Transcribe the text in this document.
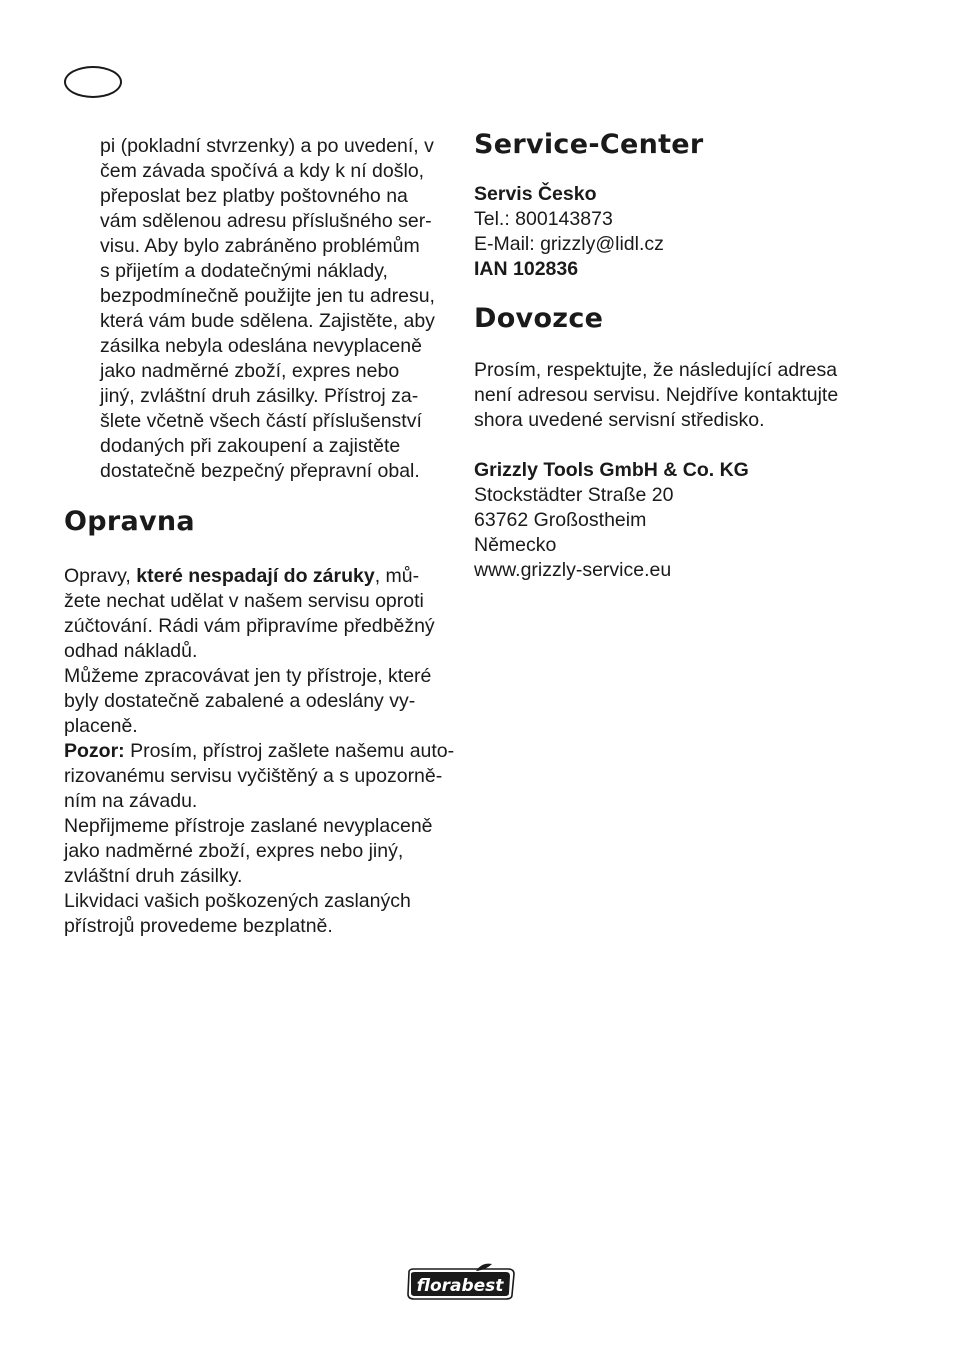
pi (pokladní stvrzenky) a po uvedení, v
čem závada spočívá a kdy k ní došlo,
přeposlat bez platby poštovného na
vám sdělenou adresu příslušného ser-
visu. Aby bylo zabráněno problémům
s přijetím a dodatečnými náklady,
bezpodmínečně použijte jen tu adresu,
která vám bude sdělena. Zajistěte, aby
zásilka nebyla odeslána nevyplaceně
jako nadměrné zboží, expres nebo
jiný, zvláštní druh zásilky. Přístroj za-
šlete včetně všech částí příslušenství
dodaných při zakoupení a zajistěte
dostatečně bezpečný přepravní obal.
Opravna
Opravy, které nespadají do záruky, mů-
žete nechat udělat v našem servisu oproti
zúčtování. Rádi vám připravíme předběžný
odhad nákladů.
Můžeme zpracovávat jen ty přístroje, které
byly dostatečně zabalené a odeslány vy-
placeně.
Pozor: Prosím, přístroj zašlete našemu auto-
rizovanému servisu vyčištěný a s upozorně-
ním na závadu.
Nepřijmeme přístroje zaslané nevyplaceně
jako nadměrné zboží, expres nebo jiný,
zvláštní druh zásilky.
Likvidaci vašich poškozených zaslaných
přístrojů provedeme bezplatně.
Service-Center
Servis Česko
Tel.: 800143873
E-Mail: grizzly@lidl.cz
IAN 102836
Dovozce
Prosím, respektujte, že následující adresa
není adresou servisu. Nejdříve kontaktujte
shora uvedené servisní středisko.
Grizzly Tools GmbH & Co. KG
Stockstädter Straße 20
63762 Großostheim
Německo
www.grizzly-service.eu
florabest
